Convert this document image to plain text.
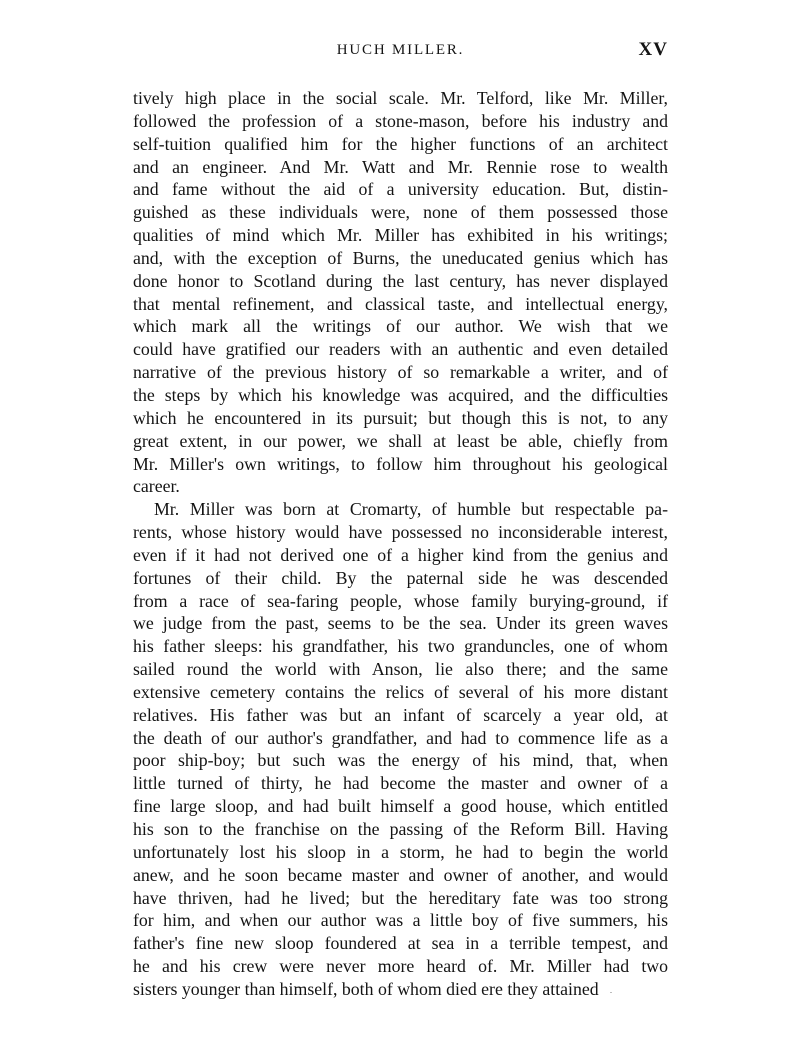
HUCH MILLER.	XV
tively high place in the social scale. Mr. Telford, like Mr. Miller,
followed the profession of a stone-mason, before his industry and
self-tuition qualified him for the higher functions of an architect
and an engineer. And Mr. Watt and Mr. Rennie rose to wealth
and fame without the aid of a university education. But, distin-
guished as these individuals were, none of them possessed those
qualities of mind which Mr. Miller has exhibited in his writings;
and, with the exception of Burns, the uneducated genius which has
done honor to Scotland during the last century, has never displayed
that mental refinement, and classical taste, and intellectual energy,
which mark all the writings of our author. We wish that we
could have gratified our readers with an authentic and even detailed
narrative of the previous history of so remarkable a writer, and of
the steps by which his knowledge was acquired, and the difficulties
which he encountered in its pursuit; but though this is not, to any
great extent, in our power, we shall at least be able, chiefly from
Mr. Miller's own writings, to follow him throughout his geological
career.
Mr. Miller was born at Cromarty, of humble but respectable pa-
rents, whose history would have possessed no inconsiderable interest,
even if it had not derived one of a higher kind from the genius and
fortunes of their child. By the paternal side he was descended
from a race of sea-faring people, whose family burying-ground, if
we judge from the past, seems to be the sea. Under its green waves
his father sleeps: his grandfather, his two granduncles, one of whom
sailed round the world with Anson, lie also there; and the same
extensive cemetery contains the relics of several of his more distant
relatives. His father was but an infant of scarcely a year old, at
the death of our author's grandfather, and had to commence life as a
poor ship-boy; but such was the energy of his mind, that, when
little turned of thirty, he had become the master and owner of a
fine large sloop, and had built himself a good house, which entitled
his son to the franchise on the passing of the Reform Bill. Having
unfortunately lost his sloop in a storm, he had to begin the world
anew, and he soon became master and owner of another, and would
have thriven, had he lived; but the hereditary fate was too strong
for him, and when our author was a little boy of five summers, his
father's fine new sloop foundered at sea in a terrible tempest, and
he and his crew were never more heard of. Mr. Miller had two
sisters younger than himself, both of whom died ere they attained
